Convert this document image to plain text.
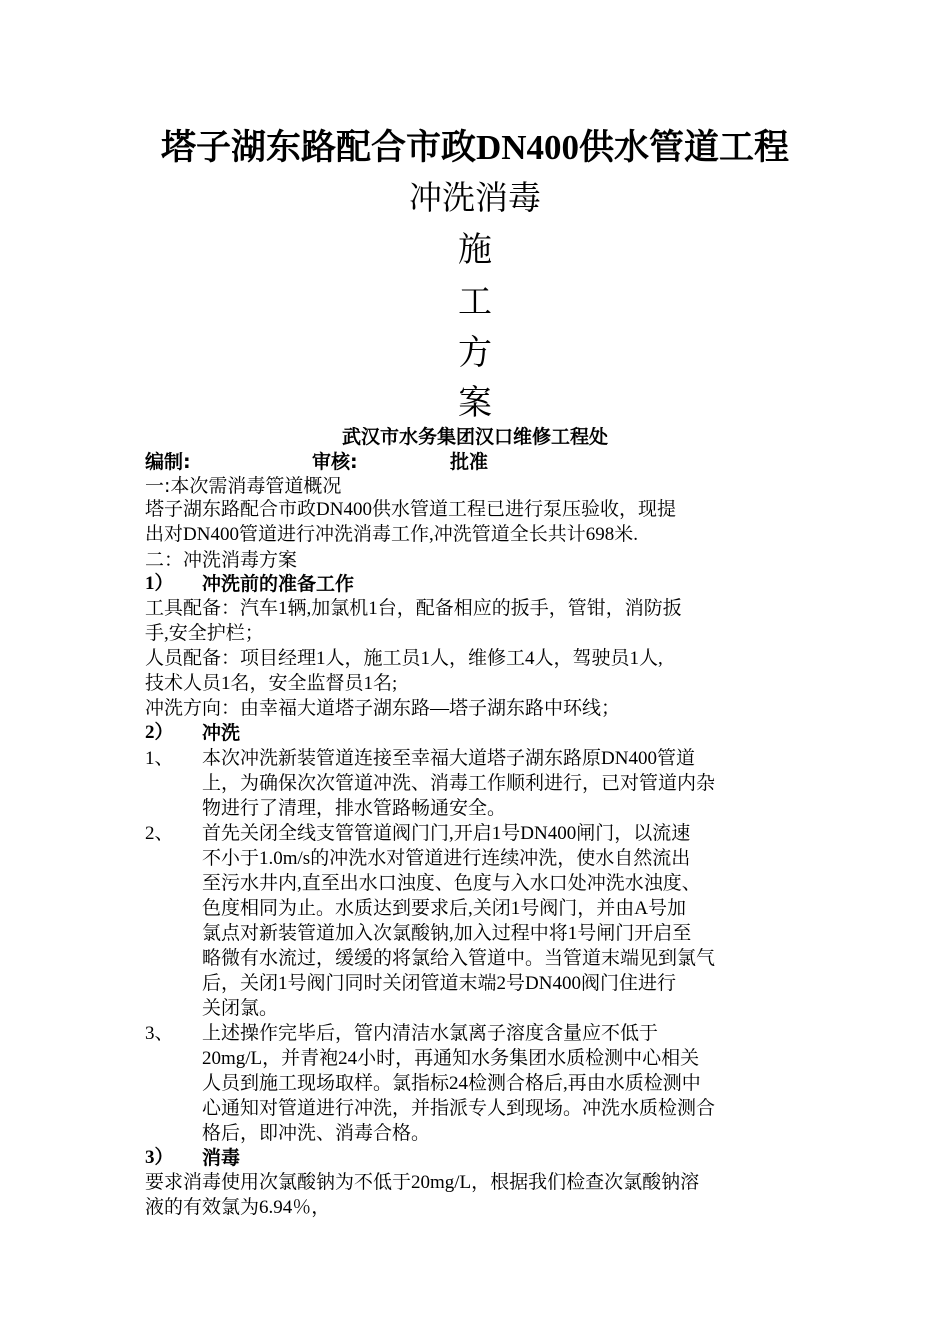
塔子湖东路配合市政DN400供水管道工程
冲洗消毒
施
工
方
案
武汉市水务集团汉口维修工程处
编制:	审核:	批准
一:本次需消毒管道概况
塔子湖东路配合市政DN400供水管道工程已进行泵压验收，现提
出对DN400管道进行冲洗消毒工作,冲洗管道全长共计698米.
二：冲洗消毒方案
1） 冲洗前的准备工作
工具配备：汽车1辆,加氯机1台，配备相应的扳手，管钳，消防扳
手,安全护栏；
人员配备：项目经理1人，施工员1人，维修工4人，驾驶员1人,
技术人员1名，安全监督员1名;
冲洗方向：由幸福大道塔子湖东路—塔子湖东路中环线；
2） 冲洗
1、 本次冲洗新装管道连接至幸福大道塔子湖东路原DN400管道
上，为确保次次管道冲洗、消毒工作顺利进行，已对管道内杂
物进行了清理，排水管路畅通安全。
2、 首先关闭全线支管管道阀门门,开启1号DN400闸门，以流速
不小于1.0m/s的冲洗水对管道进行连续冲洗，使水自然流出
至污水井内,直至出水口浊度、色度与入水口处冲洗水浊度、
色度相同为止。水质达到要求后,关闭1号阀门，并由A号加
氯点对新装管道加入次氯酸钠,加入过程中将1号闸门开启至
略微有水流过，缓缓的将氯给入管道中。当管道末端见到氯气
后，关闭1号阀门同时关闭管道末端2号DN400阀门住进行
关闭氯。
3、 上述操作完毕后，管内清洁水氯离子溶度含量应不低于
20mg/L，并青袍24小时，再通知水务集团水质检测中心相关
人员到施工现场取样。氯指标24检测合格后,再由水质检测中
心通知对管道进行冲洗，并指派专人到现场。冲洗水质检测合
格后，即冲洗、消毒合格。
3） 消毒
要求消毒使用次氯酸钠为不低于20mg/L，根据我们检查次氯酸钠溶
液的有效氯为6.94％，
